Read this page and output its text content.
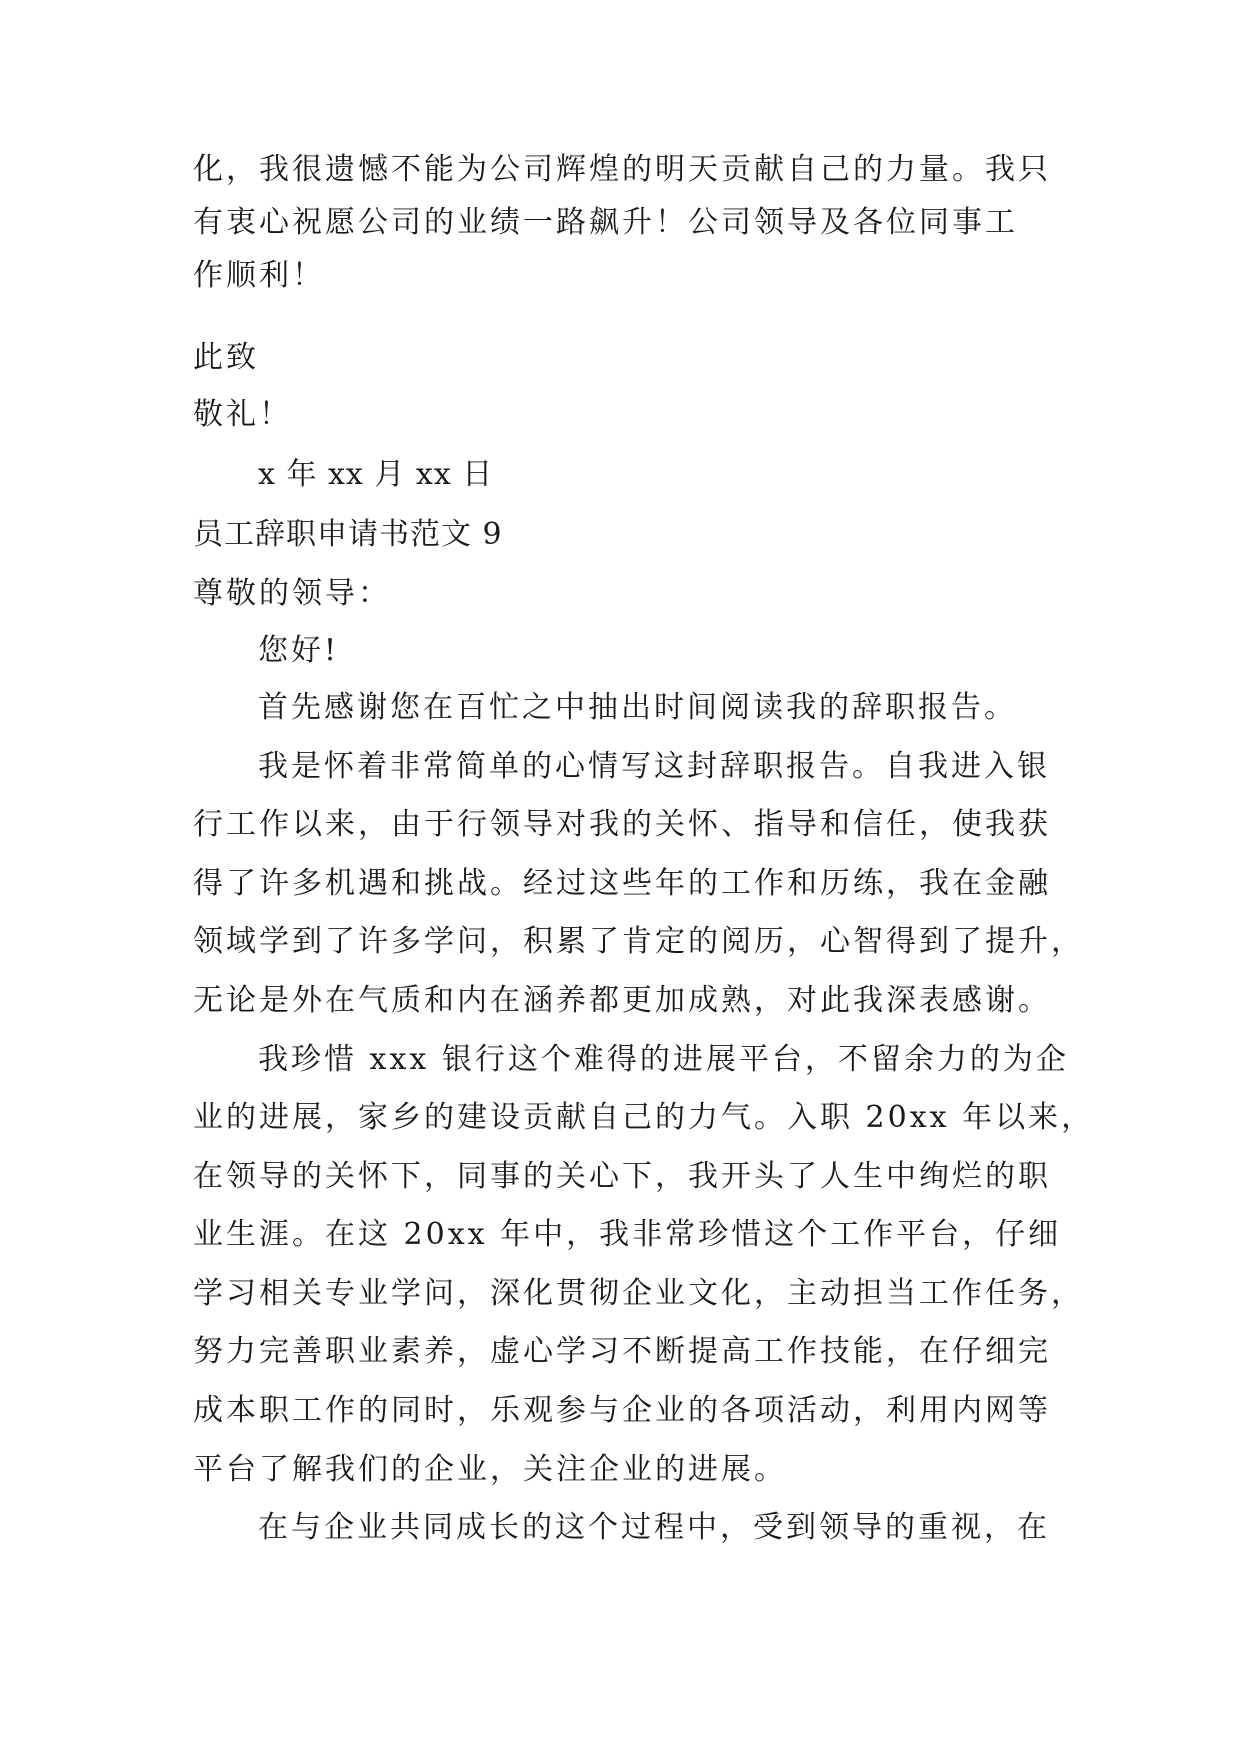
化，我很遗憾不能为公司辉煌的明天贡献自己的力量。我只
有衷心祝愿公司的业绩一路飙升！公司领导及各位同事工
作顺利！
此致
敬礼！
x 年 xx 月 xx 日
员工辞职申请书范文 9
尊敬的领导：
您好!
首先感谢您在百忙之中抽出时间阅读我的辞职报告。
我是怀着非常简单的心情写这封辞职报告。自我进入银
行工作以来，由于行领导对我的关怀、指导和信任，使我获
得了许多机遇和挑战。经过这些年的工作和历练，我在金融
领域学到了许多学问，积累了肯定的阅历，心智得到了提升，
无论是外在气质和内在涵养都更加成熟，对此我深表感谢。
我珍惜 xxx 银行这个难得的进展平台，不留余力的为企
业的进展，家乡的建设贡献自己的力气。入职 20xx 年以来，
在领导的关怀下，同事的关心下，我开头了人生中绚烂的职
业生涯。在这 20xx 年中，我非常珍惜这个工作平台，仔细
学习相关专业学问，深化贯彻企业文化，主动担当工作任务，
努力完善职业素养，虚心学习不断提高工作技能，在仔细完
成本职工作的同时，乐观参与企业的各项活动，利用内网等
平台了解我们的企业，关注企业的进展。
在与企业共同成长的这个过程中，受到领导的重视，在
